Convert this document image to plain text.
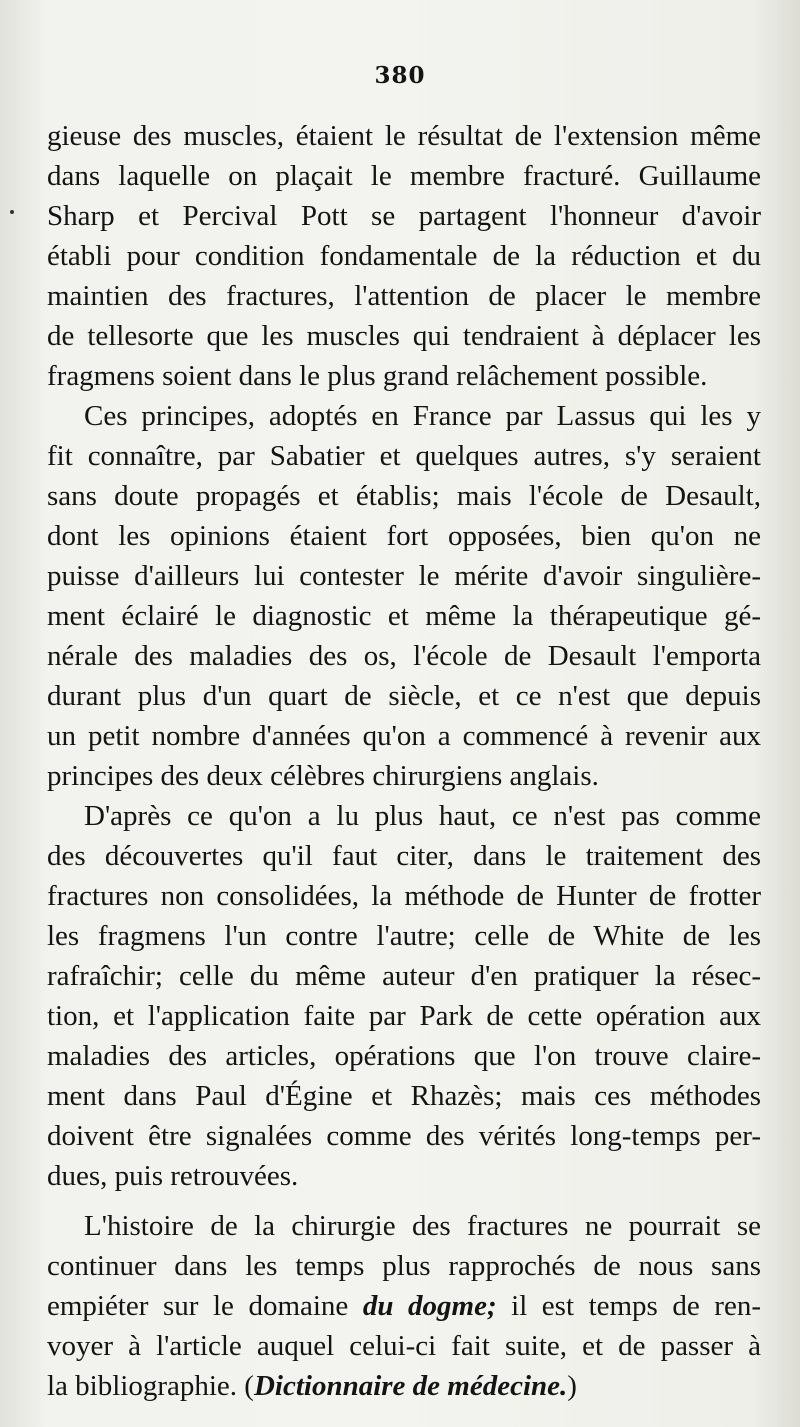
380
gieuse des muscles, étaient le résultat de l'extension même
dans laquelle on plaçait le membre fracturé. Guillaume
Sharp et Percival Pott se partagent l'honneur d'avoir
établi pour condition fondamentale de la réduction et du
maintien des fractures, l'attention de placer le membre
de tellesorte que les muscles qui tendraient à déplacer les
fragmens soient dans le plus grand relâchement possible.
Ces principes, adoptés en France par Lassus qui les y
fit connaître, par Sabatier et quelques autres, s'y seraient
sans doute propagés et établis; mais l'école de Desault,
dont les opinions étaient fort opposées, bien qu'on ne
puisse d'ailleurs lui contester le mérite d'avoir singulière-
ment éclairé le diagnostic et même la thérapeutique gé-
nérale des maladies des os, l'école de Desault l'emporta
durant plus d'un quart de siècle, et ce n'est que depuis
un petit nombre d'années qu'on a commencé à revenir aux
principes des deux célèbres chirurgiens anglais.
D'après ce qu'on a lu plus haut, ce n'est pas comme
des découvertes qu'il faut citer, dans le traitement des
fractures non consolidées, la méthode de Hunter de frotter
les fragmens l'un contre l'autre; celle de White de les
rafraîchir; celle du même auteur d'en pratiquer la résec-
tion, et l'application faite par Park de cette opération aux
maladies des articles, opérations que l'on trouve claire-
ment dans Paul d'Égine et Rhazès; mais ces méthodes
doivent être signalées comme des vérités long-temps per-
dues, puis retrouvées.
L'histoire de la chirurgie des fractures ne pourrait se
continuer dans les temps plus rapprochés de nous sans
empiéter sur le domaine du dogme; il est temps de ren-
voyer à l'article auquel celui-ci fait suite, et de passer à
la bibliographie. (Dictionnaire de médecine.)
